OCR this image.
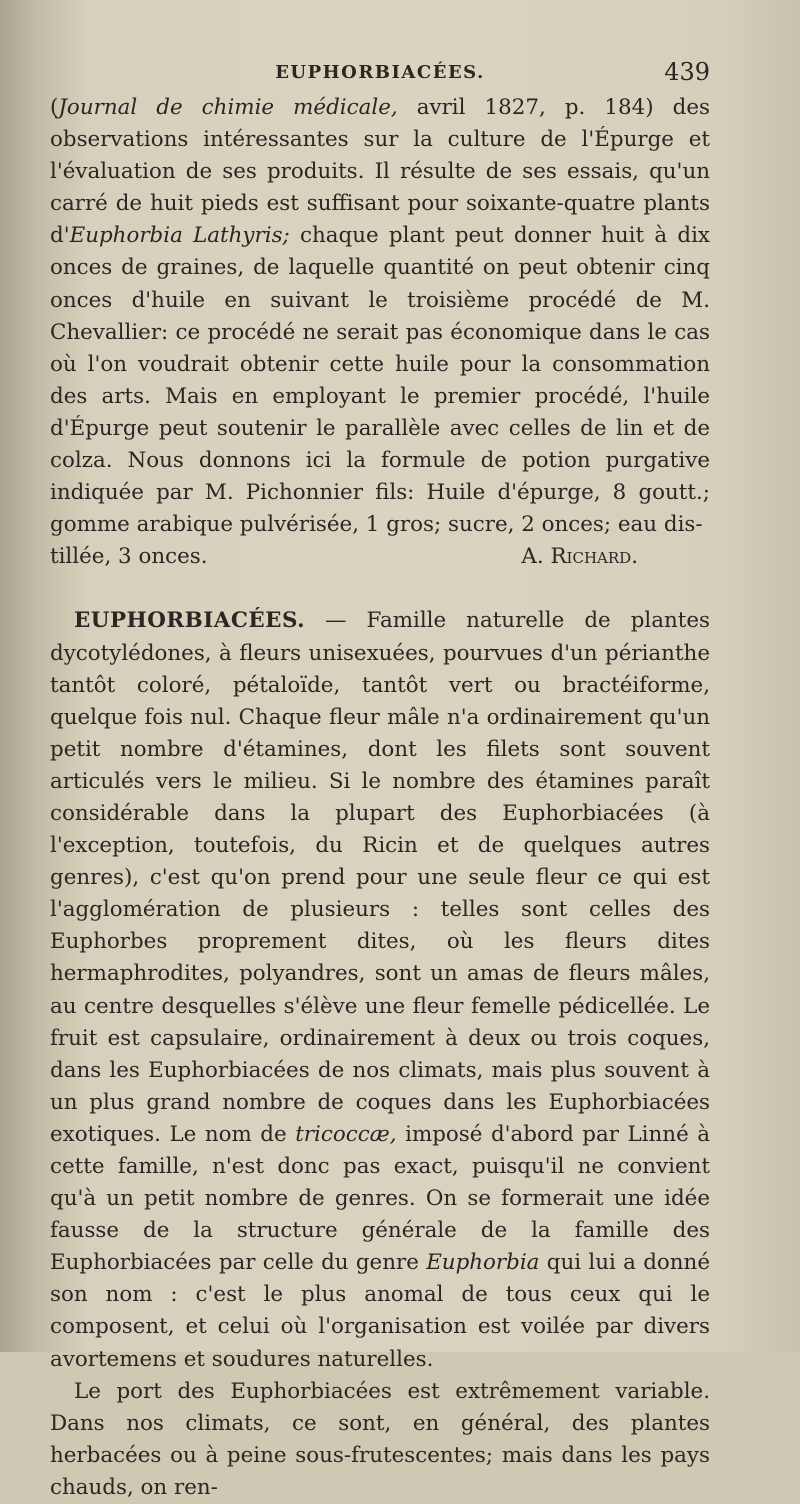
EUPHORBIACÉES.	439

(Journal de chimie médicale, avril 1827, p. 184) des observations intéressantes sur la culture de l'Épurge et l'évaluation de ses produits. Il résulte de ses essais, qu'un carré de huit pieds est suffisant pour soixante-quatre plants d'Euphorbia Lathyris; chaque plant peut donner huit à dix onces de graines, de laquelle quantité on peut obtenir cinq onces d'huile en suivant le troisième procédé de M. Chevallier: ce procédé ne serait pas économique dans le cas où l'on voudrait obtenir cette huile pour la consommation des arts. Mais en employant le premier procédé, l'huile d'Épurge peut soutenir le parallèle avec celles de lin et de colza. Nous donnons ici la formule de potion purgative indiquée par M. Pichonnier fils: Huile d'épurge, 8 goutt.; gomme arabique pulvérisée, 1 gros; sucre, 2 onces; eau dis-

tillée, 3 onces.	A. Richard.

EUPHORBIACÉES. — Famille naturelle de plantes dycotylédones, à fleurs unisexuées, pourvues d'un périanthe tantôt coloré, pétaloïde, tantôt vert ou bractéiforme, quelque fois nul. Chaque fleur mâle n'a ordinairement qu'un petit nombre d'étamines, dont les filets sont souvent articulés vers le milieu. Si le nombre des étamines paraît considérable dans la plupart des Euphorbiacées (à l'exception, toutefois, du Ricin et de quelques autres genres), c'est qu'on prend pour une seule fleur ce qui est l'agglomération de plusieurs : telles sont celles des Euphorbes proprement dites, où les fleurs dites hermaphrodites, polyandres, sont un amas de fleurs mâles, au centre desquelles s'élève une fleur femelle pédicellée. Le fruit est capsulaire, ordinairement à deux ou trois coques, dans les Euphorbiacées de nos climats, mais plus souvent à un plus grand nombre de coques dans les Euphorbiacées exotiques. Le nom de tricoccæ, imposé d'abord par Linné à cette famille, n'est donc pas exact, puisqu'il ne convient qu'à un petit nombre de genres. On se formerait une idée fausse de la structure générale de la famille des Euphorbiacées par celle du genre Euphorbia qui lui a donné son nom : c'est le plus anomal de tous ceux qui le composent, et celui où l'organisation est voilée par divers avortemens et soudures naturelles.

Le port des Euphorbiacées est extrêmement variable. Dans nos climats, ce sont, en général, des plantes herbacées ou à peine sous-frutescentes; mais dans les pays chauds, on ren-
